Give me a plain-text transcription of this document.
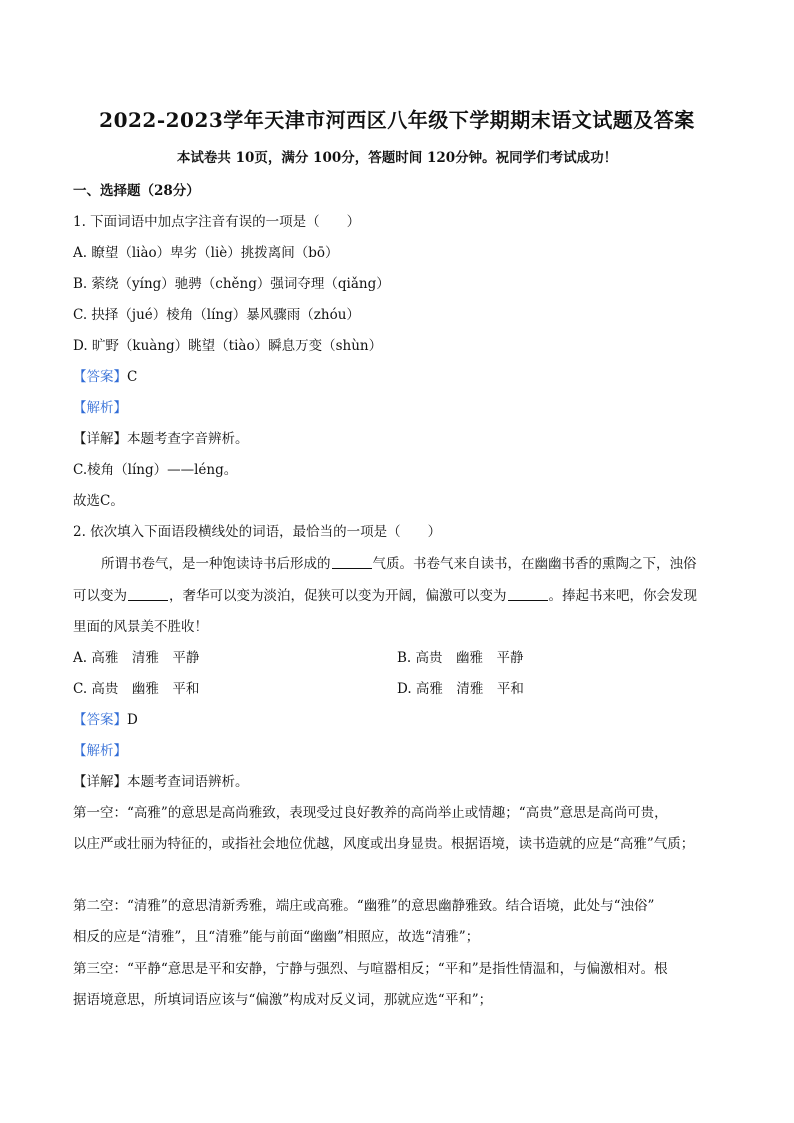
2022-2023学年天津市河西区八年级下学期期末语文试题及答案
本试卷共 10页，满分 100分，答题时间 120分钟。祝同学们考试成功！
一、选择题（28分）
1. 下面词语中加点字注音有误的一项是（　　）
A. 瞭望（liào）卑劣（liè）挑拨离间（bō）
B. 萦绕（yíng）驰骋（chěng）强词夺理（qiǎng）
C. 抉择（jué）棱角（líng）暴风骤雨（zhóu）
D. 旷野（kuàng）眺望（tiào）瞬息万变（shùn）
【答案】C
【解析】
【详解】本题考查字音辨析。
C.棱角（líng）——léng。
故选C。
2. 依次填入下面语段横线处的词语，最恰当的一项是（　　）
所谓书卷气，是一种饱读诗书后形成的	气质。书卷气来自读书，在幽幽书香的熏陶之下，浊俗
可以变为	，奢华可以变为淡泊，促狭可以变为开阔，偏激可以变为	。捧起书来吧，你会发现
里面的风景美不胜收！
A. 高雅　清雅　平静	B. 高贵　幽雅　平静
C. 高贵　幽雅　平和	D. 高雅　清雅　平和
【答案】D
【解析】
【详解】本题考查词语辨析。
第一空：“高雅”的意思是高尚雅致，表现受过良好教养的高尚举止或情趣；“高贵”意思是高尚可贵，
以庄严或壮丽为特征的，或指社会地位优越，风度或出身显贵。根据语境，读书造就的应是“高雅”气质；
第二空：“清雅”的意思清新秀雅，端庄或高雅。“幽雅”的意思幽静雅致。结合语境，此处与“浊俗”
相反的应是“清雅”，且“清雅”能与前面“幽幽”相照应，故选“清雅”；
第三空：“平静“意思是平和安静，宁静与强烈、与喧嚣相反；“平和”是指性情温和，与偏激相对。根
据语境意思，所填词语应该与“偏激”构成对反义词，那就应选“平和”；
